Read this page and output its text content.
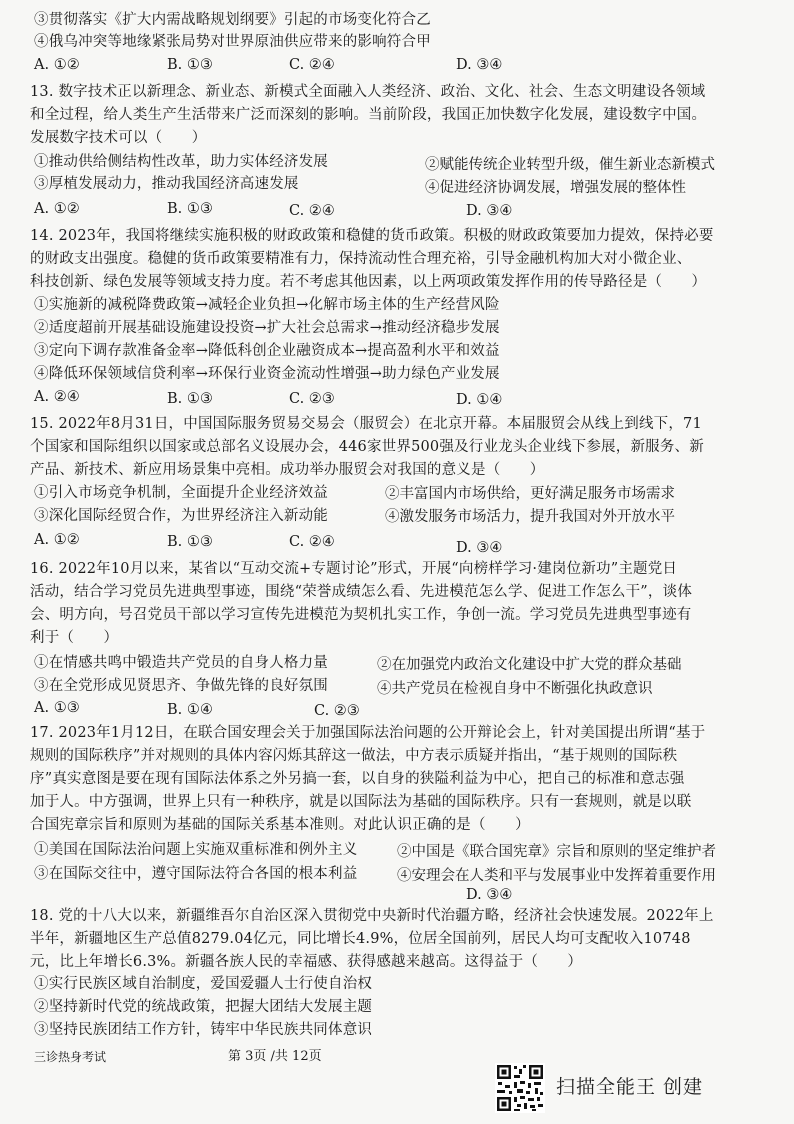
③贯彻落实《扩大内需战略规划纲要》引起的市场变化符合乙
④俄乌冲突等地缘紧张局势对世界原油供应带来的影响符合甲
A. ①②	B. ①③	C. ②④	D. ③④
13. 数字技术正以新理念、新业态、新模式全面融入人类经济、政治、文化、社会、生态文明建设各领域
和全过程，给人类生产生活带来广泛而深刻的影响。当前阶段，我国正加快数字化发展，建设数字中国。
发展数字技术可以（　　）
①推动供给侧结构性改革，助力实体经济发展	②赋能传统企业转型升级，催生新业态新模式
③厚植发展动力，推动我国经济高速发展	④促进经济协调发展，增强发展的整体性
A. ①②	B. ①③	C. ②④	D. ③④
14. 2023年，我国将继续实施积极的财政政策和稳健的货币政策。积极的财政政策要加力提效，保持必要
的财政支出强度。稳健的货币政策要精准有力，保持流动性合理充裕，引导金融机构加大对小微企业、
科技创新、绿色发展等领域支持力度。若不考虑其他因素，以上两项政策发挥作用的传导路径是（　　）
①实施新的减税降费政策→减轻企业负担→化解市场主体的生产经营风险
②适度超前开展基础设施建设投资→扩大社会总需求→推动经济稳步发展
③定向下调存款准备金率→降低科创企业融资成本→提高盈利水平和效益
④降低环保领域信贷利率→环保行业资金流动性增强→助力绿色产业发展
A. ②④	B. ①③	C. ②③	D. ①④
15. 2022年8月31日，中国国际服务贸易交易会（服贸会）在北京开幕。本届服贸会从线上到线下，71
个国家和国际组织以国家或总部名义设展办会，446家世界500强及行业龙头企业线下参展，新服务、新
产品、新技术、新应用场景集中亮相。成功举办服贸会对我国的意义是（　　）
①引入市场竞争机制，全面提升企业经济效益	②丰富国内市场供给，更好满足服务市场需求
③深化国际经贸合作，为世界经济注入新动能	④激发服务市场活力，提升我国对外开放水平
A. ①②	B. ①③	C. ②④	D. ③④
16. 2022年10月以来，某省以“互动交流+专题讨论”形式，开展“向榜样学习·建岗位新功”主题党日
活动，结合学习党员先进典型事迹，围绕“荣誉成绩怎么看、先进模范怎么学、促进工作怎么干”，谈体
会、明方向，号召党员干部以学习宣传先进模范为契机扎实工作，争创一流。学习党员先进典型事迹有
利于（　　）
①在情感共鸣中锻造共产党员的自身人格力量	②在加强党内政治文化建设中扩大党的群众基础
③在全党形成见贤思齐、争做先锋的良好氛围	④共产党员在检视自身中不断强化执政意识
A. ①③	B. ①④	C. ②③
17. 2023年1月12日，在联合国安理会关于加强国际法治问题的公开辩论会上，针对美国提出所谓“基于
规则的国际秩序”并对规则的具体内容闪烁其辞这一做法，中方表示质疑并指出，“基于规则的国际秩
序”真实意图是要在现有国际法体系之外另搞一套，以自身的狭隘利益为中心，把自己的标准和意志强
加于人。中方强调，世界上只有一种秩序，就是以国际法为基础的国际秩序。只有一套规则，就是以联
合国宪章宗旨和原则为基础的国际关系基本准则。对此认识正确的是（　　）
①美国在国际法治问题上实施双重标准和例外主义	②中国是《联合国宪章》宗旨和原则的坚定维护者
③在国际交往中，遵守国际法符合各国的根本利益	④安理会在人类和平与发展事业中发挥着重要作用
D. ③④
18. 党的十八大以来，新疆维吾尔自治区深入贯彻党中央新时代治疆方略，经济社会快速发展。2022年上
半年，新疆地区生产总值8279.04亿元，同比增长4.9%，位居全国前列，居民人均可支配收入10748
元，比上年增长6.3%。新疆各族人民的幸福感、获得感越来越高。这得益于（　　）
①实行民族区域自治制度，爱国爱疆人士行使自治权
②坚持新时代党的统战政策，把握大团结大发展主题
③坚持民族团结工作方针，铸牢中华民族共同体意识
三诊热身考试	第 3页 /共 12页
扫描全能王 创建
